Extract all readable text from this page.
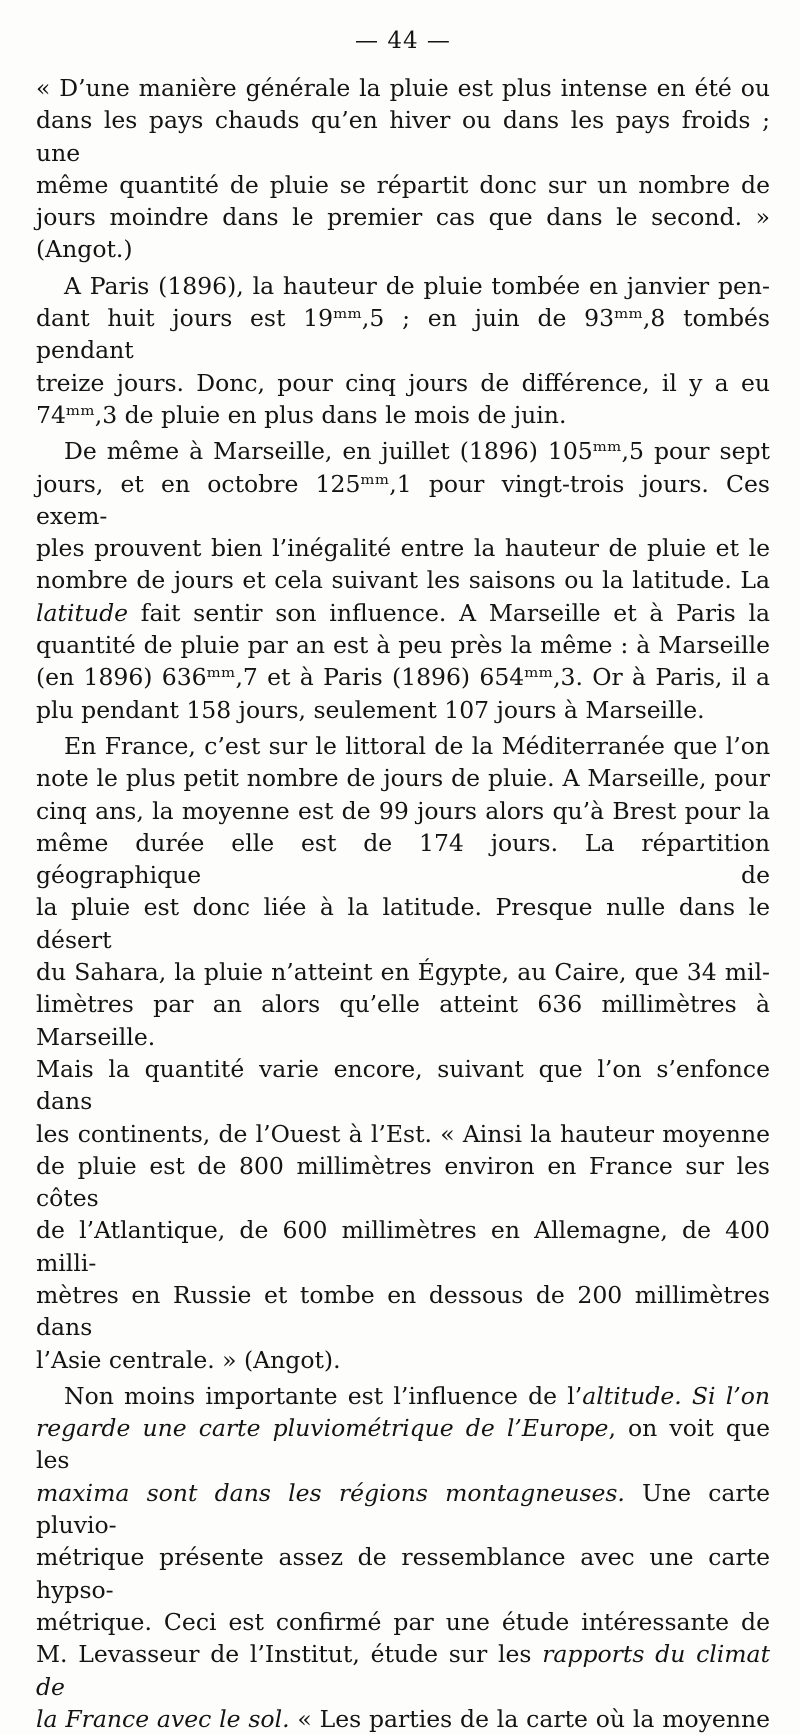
— 44 —

« D’une manière générale la pluie est plus intense en été ou
dans les pays chauds qu’en hiver ou dans les pays froids ; une
même quantité de pluie se répartit donc sur un nombre de
jours moindre dans le premier cas que dans le second. » (Angot.)

A Paris (1896), la hauteur de pluie tombée en janvier pen-
dant huit jours est 19ᵐᵐ,5 ; en juin de 93ᵐᵐ,8 tombés pendant
treize jours. Donc, pour cinq jours de différence, il y a eu
74ᵐᵐ,3 de pluie en plus dans le mois de juin.

De même à Marseille, en juillet (1896) 105ᵐᵐ,5 pour sept
jours, et en octobre 125ᵐᵐ,1 pour vingt-trois jours. Ces exem-
ples prouvent bien l’inégalité entre la hauteur de pluie et le
nombre de jours et cela suivant les saisons ou la latitude. La
latitude fait sentir son influence. A Marseille et à Paris la
quantité de pluie par an est à peu près la même : à Marseille
(en 1896) 636ᵐᵐ,7 et à Paris (1896) 654ᵐᵐ,3. Or à Paris, il a
plu pendant 158 jours, seulement 107 jours à Marseille.

En France, c’est sur le littoral de la Méditerranée que l’on
note le plus petit nombre de jours de pluie. A Marseille, pour
cinq ans, la moyenne est de 99 jours alors qu’à Brest pour la
même durée elle est de 174 jours. La répartition géographique de
la pluie est donc liée à la latitude. Presque nulle dans le désert
du Sahara, la pluie n’atteint en Égypte, au Caire, que 34 mil-
limètres par an alors qu’elle atteint 636 millimètres à Marseille.
Mais la quantité varie encore, suivant que l’on s’enfonce dans
les continents, de l’Ouest à l’Est. « Ainsi la hauteur moyenne
de pluie est de 800 millimètres environ en France sur les côtes
de l’Atlantique, de 600 millimètres en Allemagne, de 400 milli-
mètres en Russie et tombe en dessous de 200 millimètres dans
l’Asie centrale. » (Angot).

Non moins importante est l’influence de l’altitude. Si l’on
regarde une carte pluviométrique de l’Europe, on voit que les
maxima sont dans les régions montagneuses. Une carte pluvio-
métrique présente assez de ressemblance avec une carte hypso-
métrique. Ceci est confirmé par une étude intéressante de
M. Levasseur de l’Institut, étude sur les rapports du climat de
la France avec le sol. « Les parties de la carte où la moyenne
